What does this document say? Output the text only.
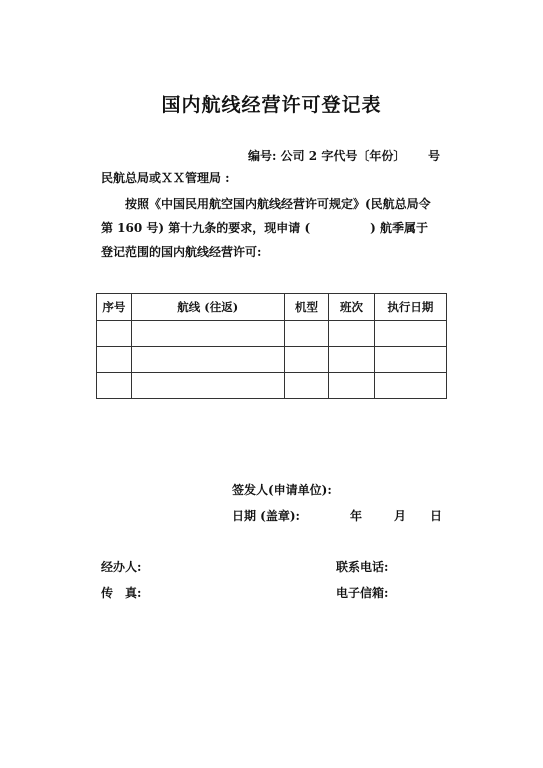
国内航线经营许可登记表
编号: 公司 2 字代号〔年份〕 号
民航总局或ＸＸ管理局 :
按照《中国民用航空国内航线经营许可规定》(民航总局令
第 160 号) 第十九条的要求，现申请 (　　　　　) 航季属于
登记范围的国内航线经营许可:
序号	航线 (往返)	机型	班次	执行日期

签发人(申请单位):
日期 (盖章):	年	月 日
经办人:	联系电话:
传　真:	电子信箱:
